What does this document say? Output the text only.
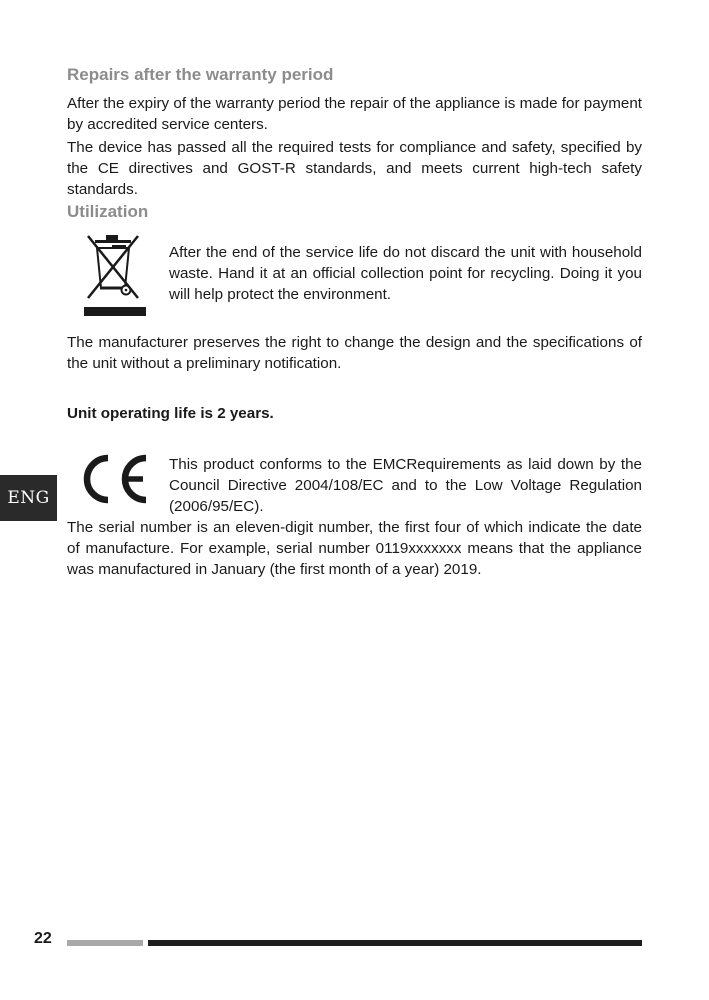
Repairs after the warranty period

After the expiry of the warranty period the repair of the appliance is made for payment by accredited service centers.

The device has passed all the required tests for compliance and safety, specified by the CE directives and GOST-R standards, and meets current high-tech safety standards.

Utilization

After the end of the service life do not discard the unit with household waste. Hand it at an official collection point for recycling. Doing it you will help protect the environment.

The manufacturer preserves the right to change the design and the specifications of the unit without a preliminary notification.

Unit operating life is 2 years.

ENG

This product conforms to the EMCRequirements as laid down by the Council Directive 2004/108/EC and to the Low Voltage Regulation (2006/95/EC).

The serial number is an eleven-digit number, the first four of which indicate the date of manufacture. For example, serial number 0119xxxxxxx means that the appliance was manufactured in January (the first month of a year) 2019.

22
